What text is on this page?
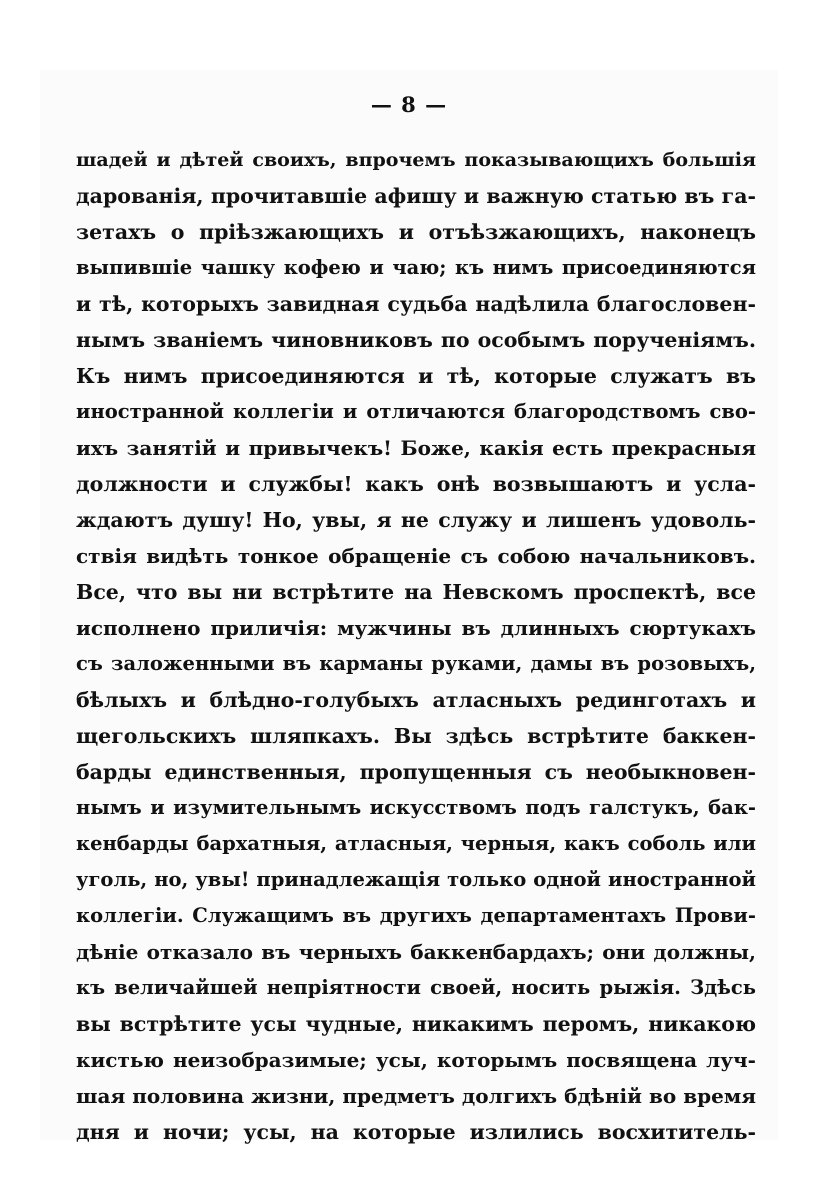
— 8 —
шадей и дѣтей своихъ, впрочемъ показывающихъ большія
дарованія, прочитавшіе афишу и важную статью въ га-
зетахъ о пріѣзжающихъ и отъѣзжающихъ, наконецъ
выпившіе чашку кофею и чаю; къ нимъ присоединяются
и тѣ, которыхъ завидная судьба надѣлила благословен-
нымъ званіемъ чиновниковъ по особымъ порученіямъ.
Къ нимъ присоединяются и тѣ, которые служатъ въ
иностранной коллегіи и отличаются благородствомъ сво-
ихъ занятій и привычекъ! Боже, какія есть прекрасныя
должности и службы! какъ онѣ возвышаютъ и усла-
ждаютъ душу! Но, увы, я не служу и лишенъ удоволь-
ствія видѣть тонкое обращеніе съ собою начальниковъ.
Все, что вы ни встрѣтите на Невскомъ проспектѣ, все
исполнено приличія: мужчины въ длинныхъ сюртукахъ
съ заложенными въ карманы руками, дамы въ розовыхъ,
бѣлыхъ и блѣдно-голубыхъ атласныхъ рединготахъ и
щегольскихъ шляпкахъ. Вы здѣсь встрѣтите баккен-
барды единственныя, пропущенныя съ необыкновен-
нымъ и изумительнымъ искусствомъ подъ галстукъ, бак-
кенбарды бархатныя, атласныя, черныя, какъ соболь или
уголь, но, увы! принадлежащія только одной иностранной
коллегіи. Служащимъ въ другихъ департаментахъ Прови-
дѣніе отказало въ черныхъ баккенбардахъ; они должны,
къ величайшей непріятности своей, носить рыжія. Здѣсь
вы встрѣтите усы чудные, никакимъ перомъ, никакою
кистью неизобразимые; усы, которымъ посвящена луч-
шая половина жизни, предметъ долгихъ бдѣній во время
дня и ночи; усы, на которые излились восхититель-
